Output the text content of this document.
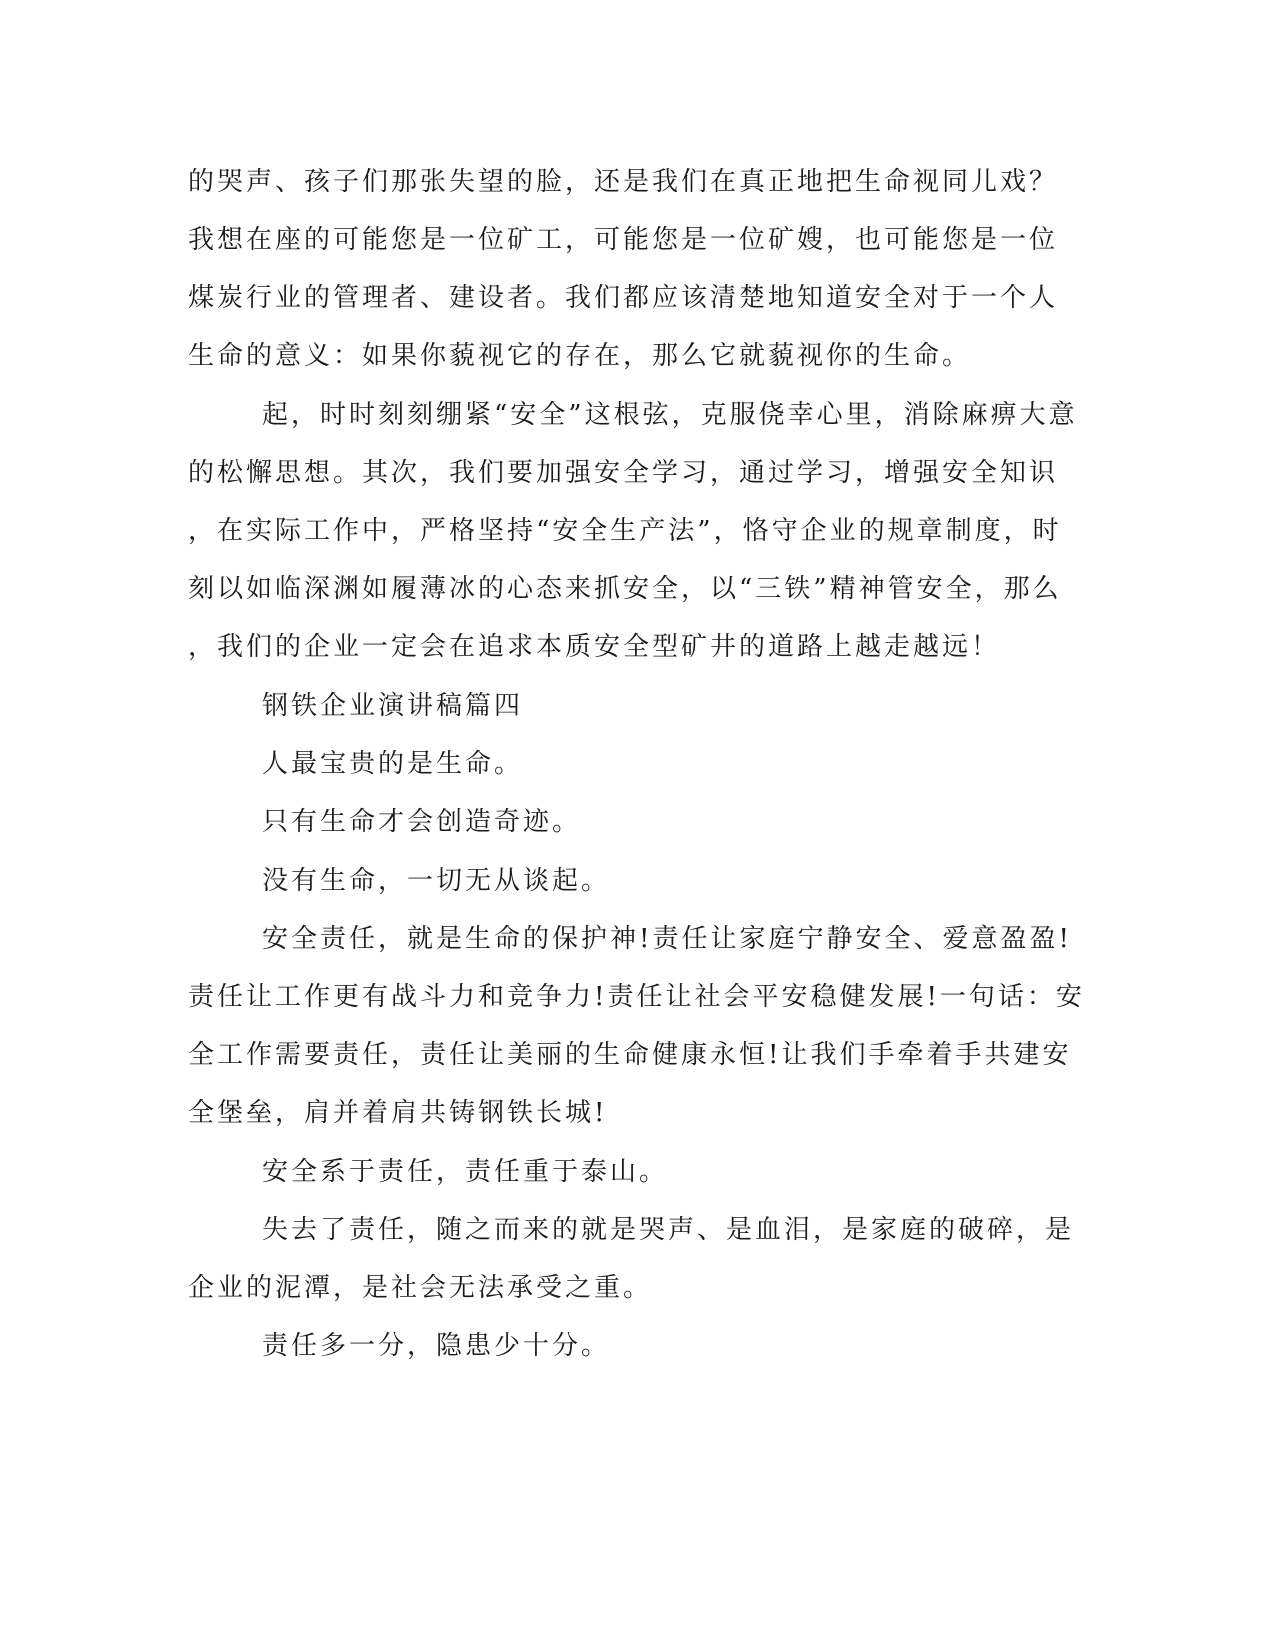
的哭声、孩子们那张失望的脸，还是我们在真正地把生命视同儿戏？
我想在座的可能您是一位矿工，可能您是一位矿嫂，也可能您是一位
煤炭行业的管理者、建设者。我们都应该清楚地知道安全对于一个人
生命的意义：如果你藐视它的存在，那么它就藐视你的生命。
起，时时刻刻绷紧“安全”这根弦，克服侥幸心里，消除麻痹大意
的松懈思想。其次，我们要加强安全学习，通过学习，增强安全知识
，在实际工作中，严格坚持“安全生产法”，恪守企业的规章制度，时
刻以如临深渊如履薄冰的心态来抓安全，以“三铁”精神管安全，那么
，我们的企业一定会在追求本质安全型矿井的道路上越走越远！
钢铁企业演讲稿篇四
人最宝贵的是生命。
只有生命才会创造奇迹。
没有生命，一切无从谈起。
安全责任，就是生命的保护神!责任让家庭宁静安全、爱意盈盈!
责任让工作更有战斗力和竞争力!责任让社会平安稳健发展!一句话：安
全工作需要责任，责任让美丽的生命健康永恒!让我们手牵着手共建安
全堡垒，肩并着肩共铸钢铁长城!
安全系于责任，责任重于泰山。
失去了责任，随之而来的就是哭声、是血泪，是家庭的破碎，是
企业的泥潭，是社会无法承受之重。
责任多一分，隐患少十分。
